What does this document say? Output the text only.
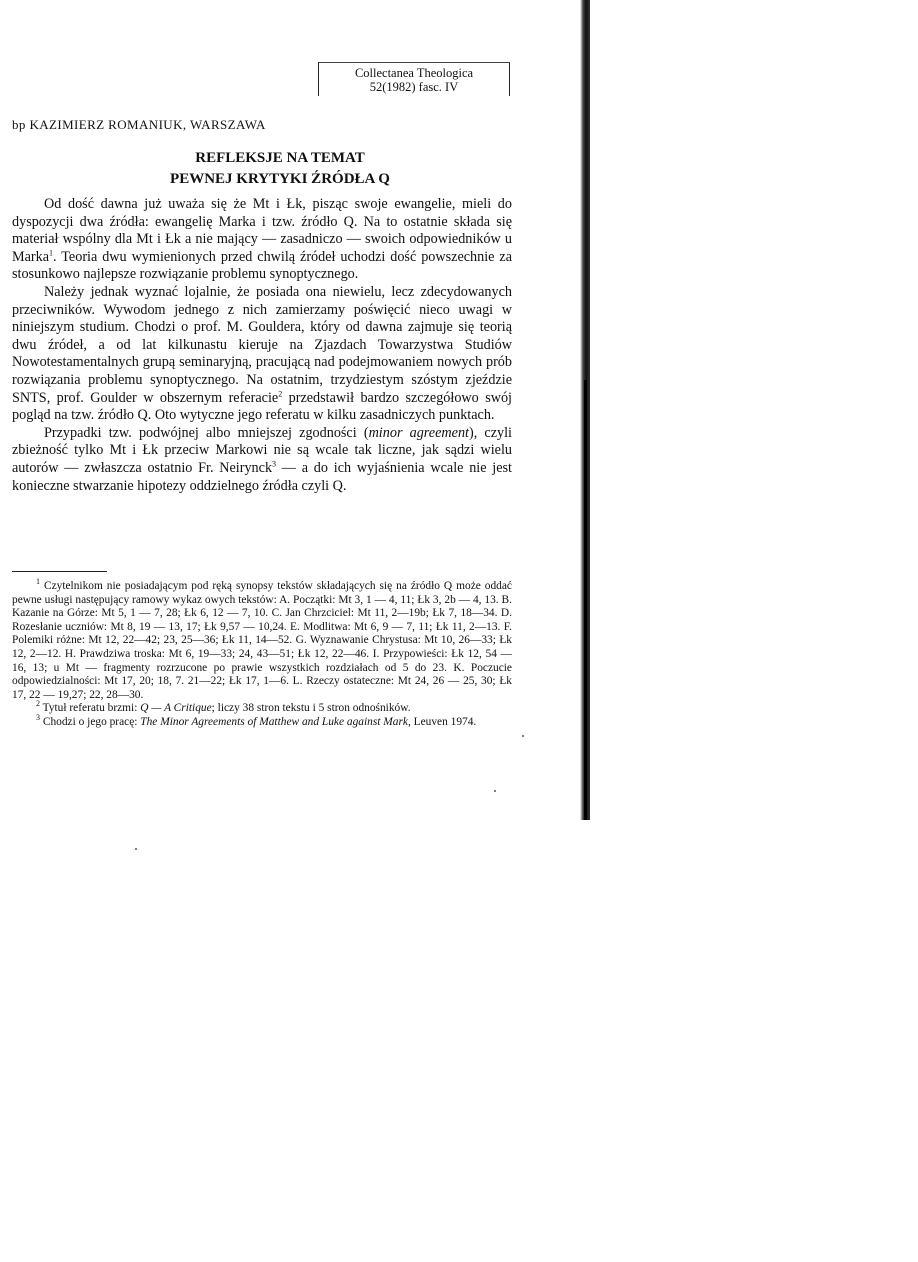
Collectanea Theologica
52(1982) fasc. IV
bp KAZIMIERZ ROMANIUK, WARSZAWA
REFLEKSJE NA TEMAT
PEWNEJ KRYTYKI ŹRÓDŁA Q

Od dość dawna już uważa się że Mt i Łk, pisząc swoje ewangelie, mieli do dyspozycji dwa źródła: ewangelię Marka i tzw. źródło Q. Na to ostatnie składa się materiał wspólny dla Mt i Łk a nie mający — zasadniczo — swoich odpowiedników u Marka$^1$. Teoria dwu wymienionych przed chwilą źródeł uchodzi dość powszechnie za stosunkowo najlepsze rozwiązanie problemu synoptycznego.

Należy jednak wyznać lojalnie, że posiada ona niewielu, lecz zdecydowanych przeciwników. Wywodom jednego z nich zamierzamy poświęcić nieco uwagi w niniejszym studium. Chodzi o prof. M. Gouldera, który od dawna zajmuje się teorią dwu źródeł, a od lat kilkunastu kieruje na Zjazdach Towarzystwa Studiów Nowotestamentalnych grupą seminaryjną, pracującą nad podejmowaniem nowych prób rozwiązania problemu synoptycznego. Na ostatnim, trzydziestym szóstym zjeździe SNTS, prof. Goulder w obszernym referacie$^2$ przedstawił bardzo szczegółowo swój pogląd na tzw. źródło Q. Oto wytyczne jego referatu w kilku zasadniczych punktach.

Przypadki tzw. podwójnej albo mniejszej zgodności (minor agreement), czyli zbieżność tylko Mt i Łk przeciw Markowi nie są wcale tak liczne, jak sądzi wielu autorów — zwłaszcza ostatnio Fr. Neirynck$^3$ — a do ich wyjaśnienia wcale nie jest konieczne stwarzanie hipotezy oddzielnego źródła czyli Q.

$^1$ Czytelnikom nie posiadającym pod ręką synopsy tekstów składających się na źródło Q może oddać pewne usługi następujący ramowy wykaz owych tekstów: A. Początki: Mt 3, 1 — 4, 11; Łk 3, 2b — 4, 13. B. Kazanie na Górze: Mt 5, 1 — 7, 28; Łk 6, 12 — 7, 10. C. Jan Chrzciciel: Mt 11, 2—19b; Łk 7, 18—34. D. Rozesłanie uczniów: Mt 8, 19 — 13, 17; Łk 9,57 — 10,24. E. Modlitwa: Mt 6, 9 — 7, 11; Łk 11, 2—13. F. Polemiki różne: Mt 12, 22—42; 23, 25—36; Łk 11, 14—52. G. Wyznawanie Chrystusa: Mt 10, 26—33; Łk 12, 2—12. H. Prawdziwa troska: Mt 6, 19—33; 24, 43—51; Łk 12, 22—46. I. Przypowieści: Łk 12, 54 — 16, 13; u Mt — fragmenty rozrzucone po prawie wszystkich rozdziałach od 5 do 23. K. Poczucie odpowiedzialności: Mt 17, 20; 18, 7. 21—22; Łk 17, 1—6. L. Rzeczy ostateczne: Mt 24, 26 — 25, 30; Łk 17, 22 — 19,27; 22, 28—30.

$^2$ Tytuł referatu brzmi: Q — A Critique; liczy 38 stron tekstu i 5 stron odnośników.

$^3$ Chodzi o jego pracę: The Minor Agreements of Matthew and Luke against Mark, Leuven 1974.
